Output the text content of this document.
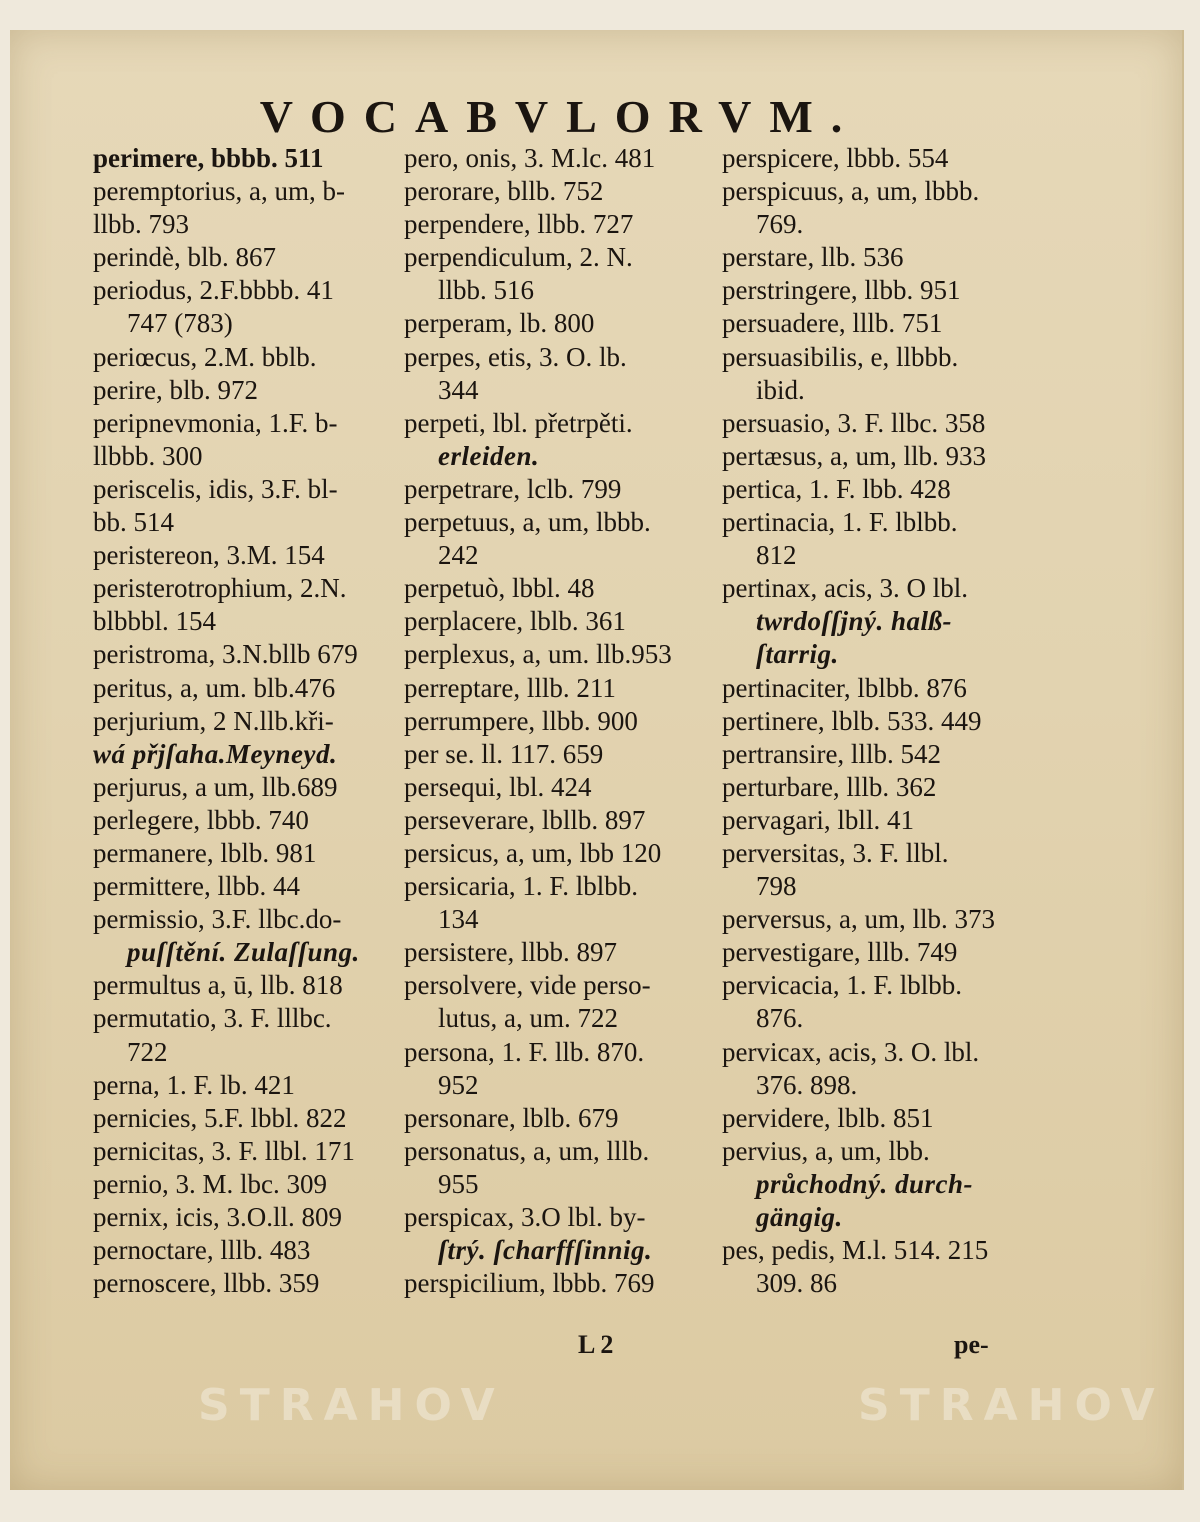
VOCABVLORVM.
perimere, bbbb. 511
peremptorius, a, um, b-
llbb. 793
perindè, blb. 867
periodus, 2.F.bbbb. 41
747 (783)
periœcus, 2.M. bblb.
perire, blb. 972
peripnevmonia, 1.F. b-
llbbb. 300
periscelis, idis, 3.F. bl-
bb. 514
peristereon, 3.M. 154
peristerotrophium, 2.N.
blbbbl. 154
peristroma, 3.N.bllb 679
peritus, a, um. blb.476
perjurium, 2 N.llb.kři-
wá přjſaha.Meyneyd.
perjurus, a um, llb.689
perlegere, lbbb. 740
permanere, lblb. 981
permittere, llbb. 44
permissio, 3.F. llbc.do-
puſſtění. Zulaſſung.
permultus a, ū, llb. 818
permutatio, 3. F. lllbc.
722
perna, 1. F. lb. 421
pernicies, 5.F. lbbl. 822
pernicitas, 3. F. llbl. 171
pernio, 3. M. lbc. 309
pernix, icis, 3.O.ll. 809
pernoctare, lllb. 483
pernoscere, llbb. 359
pero, onis, 3. M.lc. 481
perorare, bllb. 752
perpendere, llbb. 727
perpendiculum, 2. N.
llbb. 516
perperam, lb. 800
perpes, etis, 3. O. lb.
344
perpeti, lbl. přetrpěti.
erleiden.
perpetrare, lclb. 799
perpetuus, a, um, lbbb.
242
perpetuò, lbbl. 48
perplacere, lblb. 361
perplexus, a, um. llb.953
perreptare, lllb. 211
perrumpere, llbb. 900
per se. ll. 117. 659
persequi, lbl. 424
perseverare, lbllb. 897
persicus, a, um, lbb 120
persicaria, 1. F. lblbb.
134
persistere, llbb. 897
persolvere, vide perso-
lutus, a, um. 722
persona, 1. F. llb. 870.
952
personare, lblb. 679
personatus, a, um, lllb.
955
perspicax, 3.O lbl. by-
ſtrý. ſcharffſinnig.
perspicilium, lbbb. 769
perspicere, lbbb. 554
perspicuus, a, um, lbbb.
769.
perstare, llb. 536
perstringere, llbb. 951
persuadere, lllb. 751
persuasibilis, e, llbbb.
ibid.
persuasio, 3. F. llbc. 358
pertæsus, a, um, llb. 933
pertica, 1. F. lbb. 428
pertinacia, 1. F. lblbb.
812
pertinax, acis, 3. O lbl.
twrdoſſjný. halß-
ſtarrig.
pertinaciter, lblbb. 876
pertinere, lblb. 533. 449
pertransire, lllb. 542
perturbare, lllb. 362
pervagari, lbll. 41
perversitas, 3. F. llbl.
798
perversus, a, um, llb. 373
pervestigare, lllb. 749
pervicacia, 1. F. lblbb.
876.
pervicax, acis, 3. O. lbl.
376. 898.
pervidere, lblb. 851
pervius, a, um, lbb.
průchodný. durch-
gängig.
pes, pedis, M.l. 514. 215
309. 86
L 2	pe-
STRAHOV	STRAHOV
